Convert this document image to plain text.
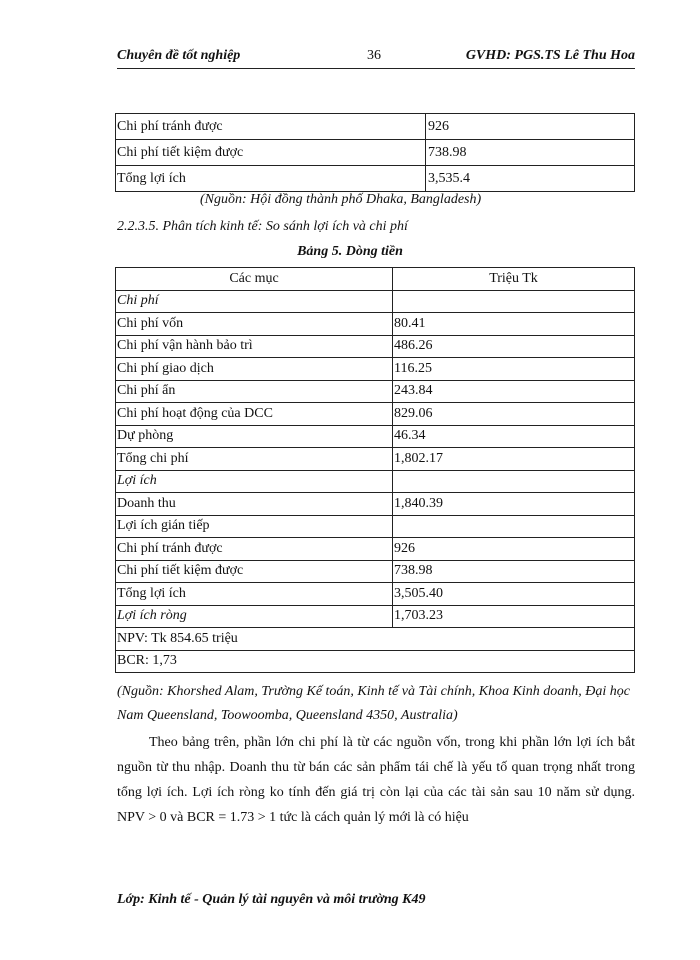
Chuyên đề tốt nghiệp	36	GVHD: PGS.TS Lê Thu Hoa
Chi phí tránh được	926
Chi phí tiết kiệm được	738.98
Tổng lợi ích	3,535.4
(Nguồn: Hội đồng thành phố Dhaka, Bangladesh)
2.2.3.5. Phân tích kinh tế: So sánh lợi ích và chi phí
Bảng 5. Dòng tiền
Các mục	Triệu Tk
Chi phí	
Chi phí vốn	80.41
Chi phí vận hành bảo trì	486.26
Chi phí giao dịch	116.25
Chi phí ẩn	243.84
Chi phí hoạt động của DCC	829.06
Dự phòng	46.34
Tổng chi phí	1,802.17
Lợi ích	
Doanh thu	1,840.39
Lợi ích gián tiếp	
Chi phí tránh được	926
Chi phí tiết kiệm được	738.98
Tổng lợi ích	3,505.40
Lợi ích ròng	1,703.23
NPV: Tk 854.65 triệu	
BCR: 1,73	
(Nguồn: Khorshed Alam, Trường Kế toán, Kinh tế và Tài chính, Khoa Kinh doanh, Đại học Nam Queensland, Toowoomba, Queensland 4350, Australia)
Theo bảng trên, phần lớn chi phí là từ các nguồn vốn, trong khi phần lớn lợi ích bắt nguồn từ thu nhập. Doanh thu từ bán các sản phẩm tái chế là yếu tố quan trọng nhất trong tổng lợi ích. Lợi ích ròng ko tính đến giá trị còn lại của các tài sản sau 10 năm sử dụng. NPV > 0 và BCR = 1.73 > 1 tức là cách quản lý mới là có hiệu
Lớp: Kinh tế - Quản lý tài nguyên và môi trường K49
